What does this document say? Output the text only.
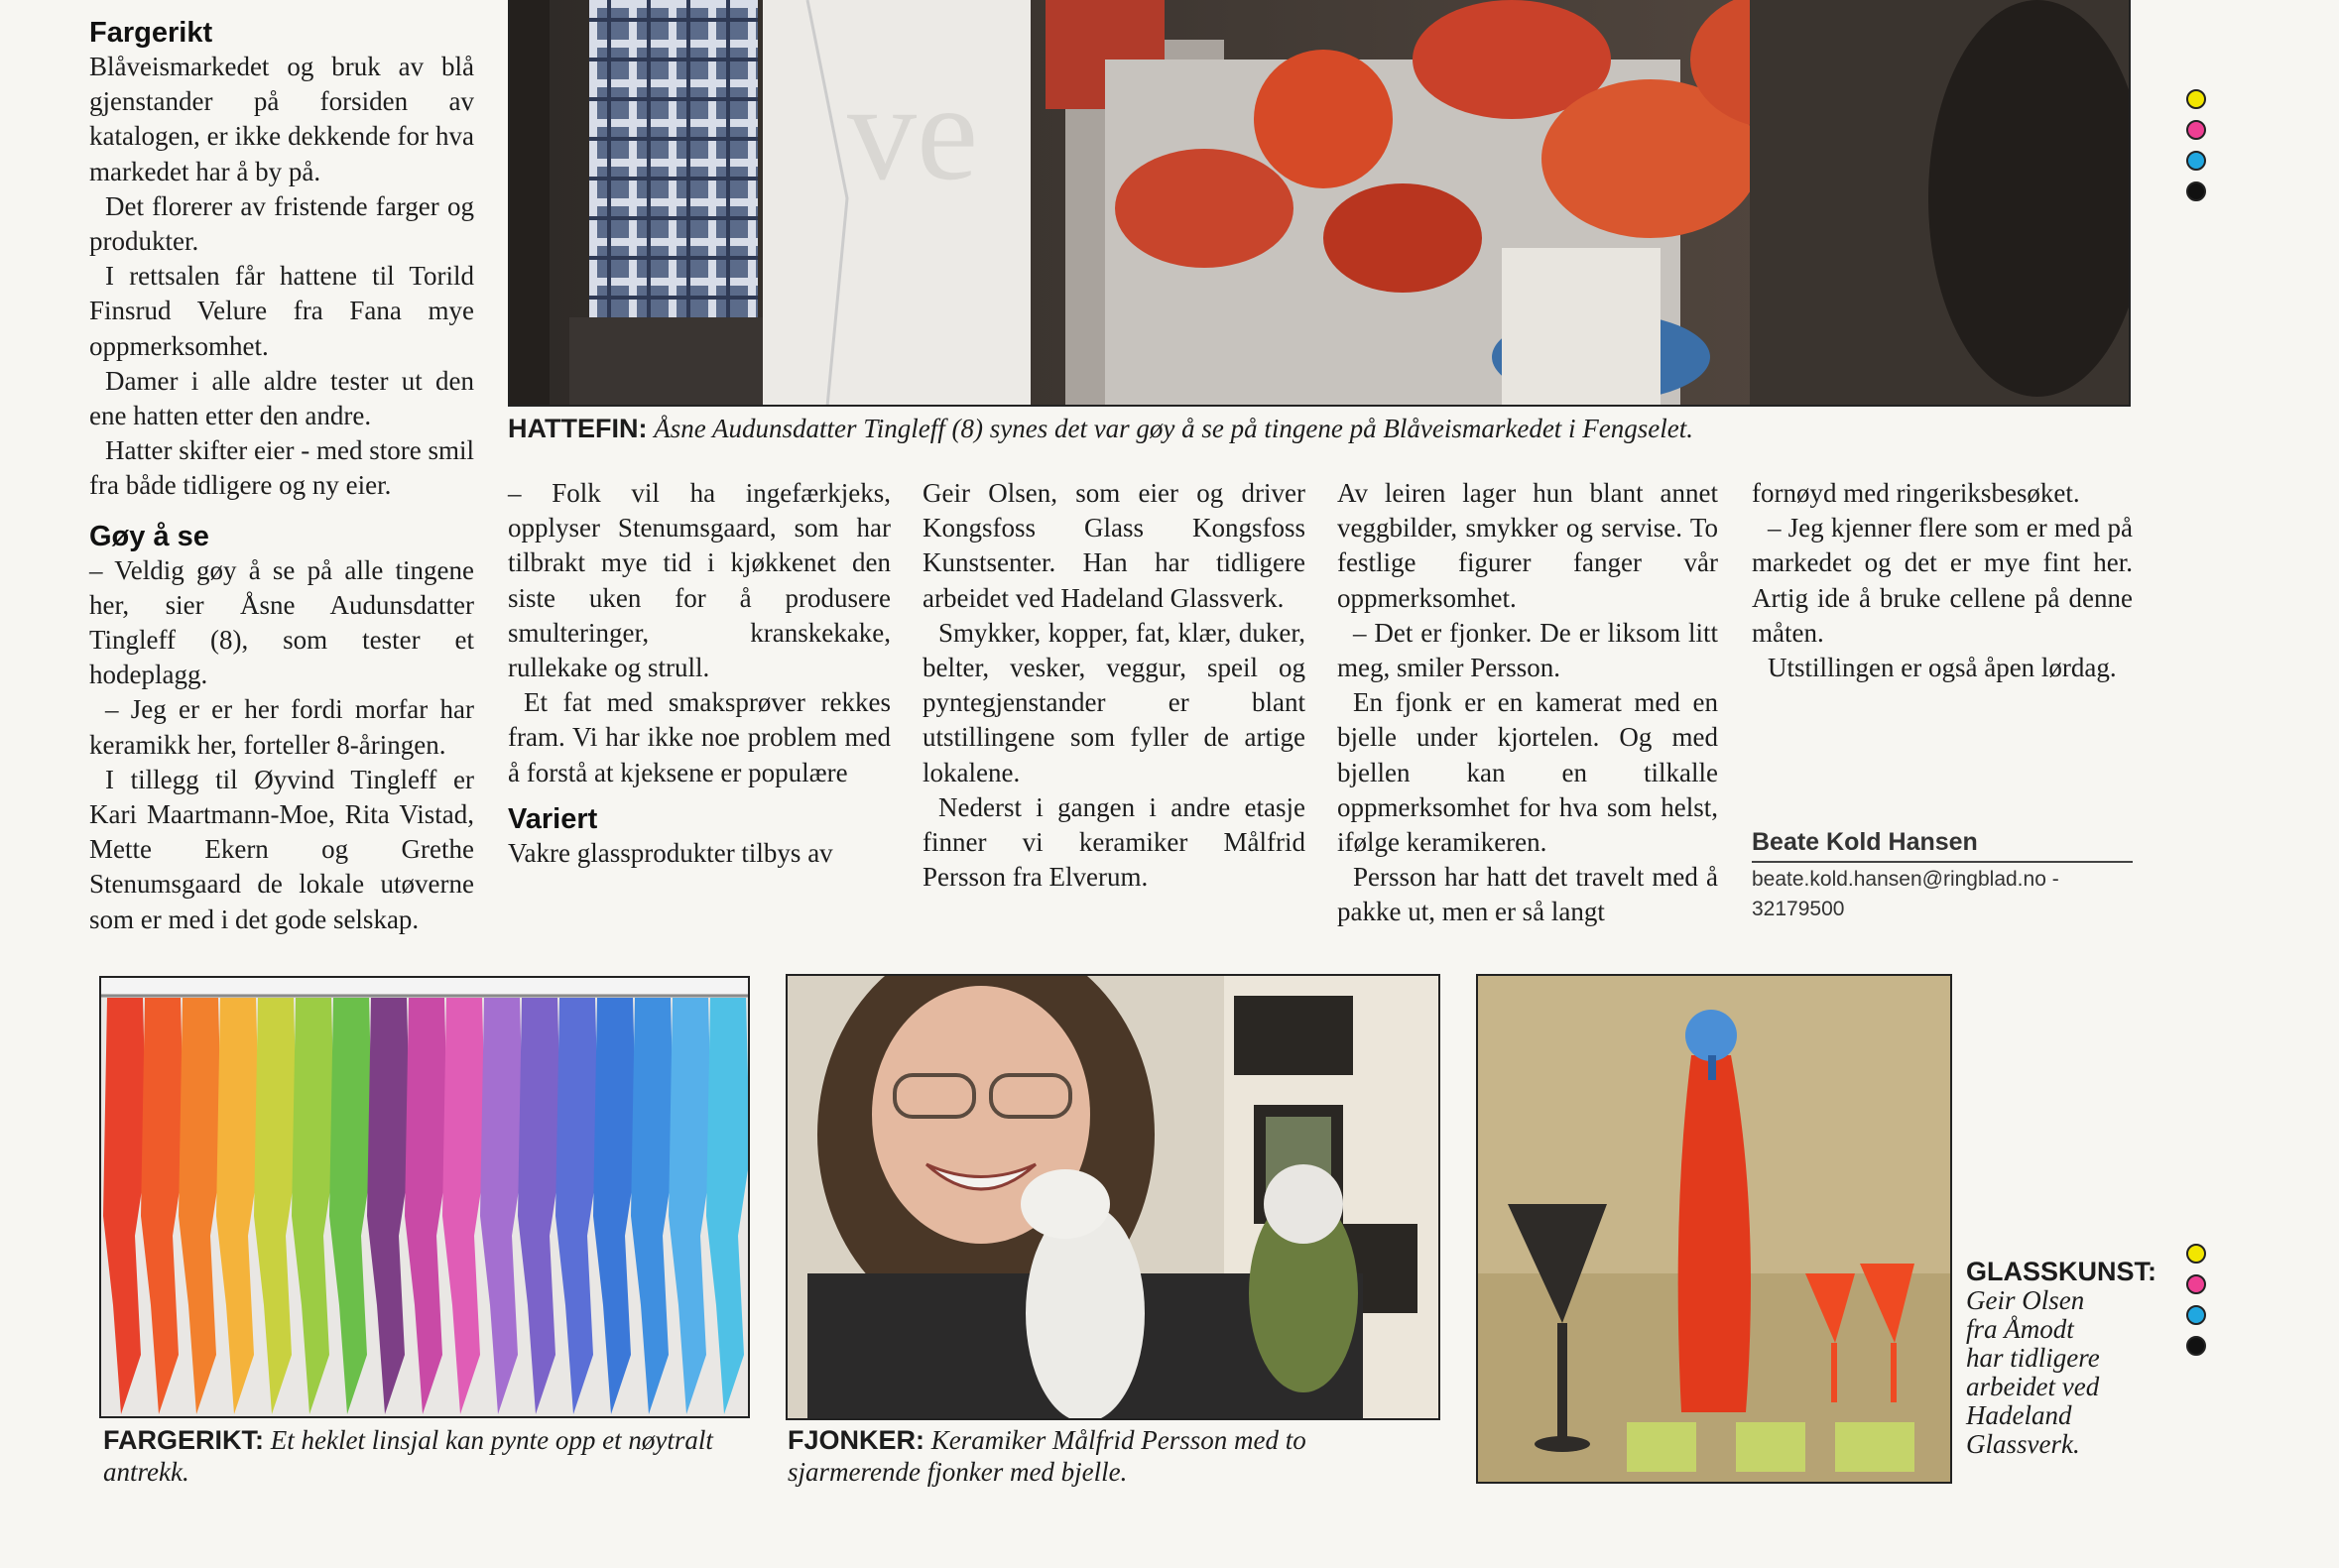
Fargerikt

Blåveismarkedet og bruk av blå gjenstander på forsiden av katalogen, er ikke dekkende for hva markedet har å by på.

Det florerer av fristende farger og produkter.

I rettsalen får hattene til Torild Finsrud Velure fra Fana mye oppmerksomhet.

Damer i alle aldre tester ut den ene hatten etter den andre.

Hatter skifter eier - med store smil fra både tidligere og ny eier.

Gøy å se

– Veldig gøy å se på alle tingene her, sier Åsne Audunsdatter Tingleff (8), som tester et hodeplagg.

– Jeg er er her fordi morfar har keramikk her, forteller 8-åringen.

I tillegg til Øyvind Tingleff er Kari Maartmann-Moe, Rita Vistad, Mette Ekern og Grethe Stenumsgaard de lokale utøverne som er med i det gode selskap.

ve
HATTEFIN: Åsne Audunsdatter Tingleff (8) synes det var gøy å se på tingene på Blåveismarkedet i Fengselet.

– Folk vil ha ingefærkjeks, opplyser Stenumsgaard, som har tilbrakt mye tid i kjøkkenet den siste uken for å produsere smulteringer, kranskekake, rullekake og strull.

Et fat med smaksprøver rekkes fram. Vi har ikke noe problem med å forstå at kjeksene er populære

Variert

Vakre glassprodukter tilbys av

Geir Olsen, som eier og driver Kongsfoss Glass Kongsfoss Kunstsenter. Han har tidligere arbeidet ved Hadeland Glassverk.

Smykker, kopper, fat, klær, duker, belter, vesker, veggur, speil og pyntegjenstander er blant utstillingene som fyller de artige lokalene.

Nederst i gangen i andre etasje finner vi keramiker Målfrid Persson fra Elverum.

Av leiren lager hun blant annet veggbilder, smykker og servise. To festlige figurer fanger vår oppmerksomhet.

– Det er fjonker. De er liksom litt meg, smiler Persson.

En fjonk er en kamerat med en bjelle under kjortelen. Og med bjellen kan en tilkalle oppmerksomhet for hva som helst, ifølge keramikeren.

Persson har hatt det travelt med å pakke ut, men er så langt

fornøyd med ringeriksbesøket.

– Jeg kjenner flere som er med på markedet og det er mye fint her. Artig ide å bruke cellene på denne måten.

Utstillingen er også åpen lørdag.

Beate Kold Hansen
beate.kold.hansen@ringblad.no - 32179500
FARGERIKT: Et heklet linsjal kan pynte opp et nøytralt antrekk.
FJONKER: Keramiker Målfrid Persson med to sjarmerende fjonker med bjelle.
GLASSKUNST: Geir Olsen fra Åmodt har tidligere arbeidet ved Hadeland Glassverk.
